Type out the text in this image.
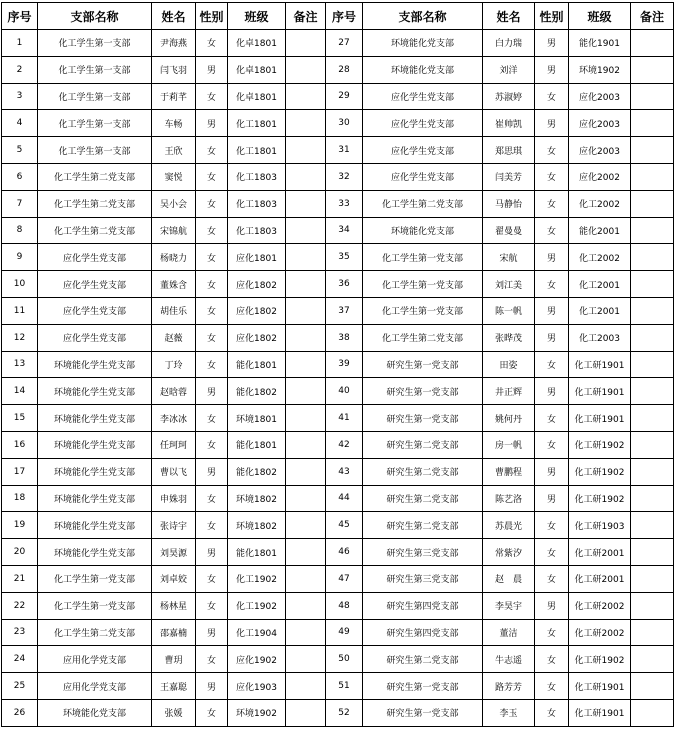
序号	支部名称	姓名	性别	班级	备注	序号	支部名称	姓名	性别	班级	备注
1	化工学生第一支部	尹海燕	女	化卓1801		27	环境能化党支部	白力瑞	男	能化1901	
2	化工学生第一支部	闫飞羽	男	化卓1801		28	环境能化党支部	刘洋	男	环境1902	
3	化工学生第一支部	于莉芊	女	化卓1801		29	应化学生党支部	苏淑婷	女	应化2003	
4	化工学生第一支部	车畅	男	化工1801		30	应化学生党支部	崔帅凯	男	应化2003	
5	化工学生第一支部	王欣	女	化工1801		31	应化学生党支部	郑思琪	女	应化2003	
6	化工学生第二党支部	窦悦	女	化工1803		32	应化学生党支部	闫美芳	女	应化2002	
7	化工学生第二党支部	吴小会	女	化工1803		33	化工学生第二党支部	马静怡	女	化工2002	
8	化工学生第二党支部	宋锦航	女	化工1803		34	环境能化党支部	翟曼曼	女	能化2001	
9	应化学生党支部	杨晓力	女	应化1801		35	化工学生第一党支部	宋航	男	化工2002	
10	应化学生党支部	董姝含	女	应化1802		36	化工学生第一党支部	刘江美	女	化工2001	
11	应化学生党支部	胡佳乐	女	应化1802		37	化工学生第一党支部	陈一帆	男	化工2001	
12	应化学生党支部	赵薇	女	应化1802		38	化工学生第二党支部	张晔茂	男	化工2003	
13	环境能化学生党支部	丁玲	女	能化1801		39	研究生第一党支部	田姿	女	化工研1901	
14	环境能化学生党支部	赵晗蓉	男	能化1802		40	研究生第一党支部	井正辉	男	化工研1901	
15	环境能化学生党支部	李冰冰	女	环境1801		41	研究生第一党支部	姚何丹	女	化工研1901	
16	环境能化学生党支部	任珂珂	女	能化1801		42	研究生第二党支部	房一帆	女	化工研1902	
17	环境能化学生党支部	曹以飞	男	能化1802		43	研究生第二党支部	曹鹏程	男	化工研1902	
18	环境能化学生党支部	申姝羽	女	环境1802		44	研究生第二党支部	陈艺洛	男	化工研1902	
19	环境能化学生党支部	张诗宇	女	环境1802		45	研究生第二党支部	苏晨光	女	化工研1903	
20	环境能化学生党支部	刘昊源	男	能化1801		46	研究生第三党支部	常紫汐	女	化工研2001	
21	化工学生第一党支部	刘卓姣	女	化工1902		47	研究生第三党支部	赵　晨	女	化工研2001	
22	化工学生第一党支部	杨林星	女	化工1902		48	研究生第四党支部	李昊宇	男	化工研2002	
23	化工学生第二党支部	邵嘉楠	男	化工1904		49	研究生第四党支部	董洁	女	化工研2002	
24	应用化学党支部	曹玥	女	应化1902		50	研究生第二党支部	牛志遥	女	化工研1902	
25	应用化学党支部	王嘉聪	男	应化1903		51	研究生第一党支部	路芳芳	女	化工研1901	
26	环境能化党支部	张媛	女	环境1902		52	研究生第一党支部	李玉	女	化工研1901	
